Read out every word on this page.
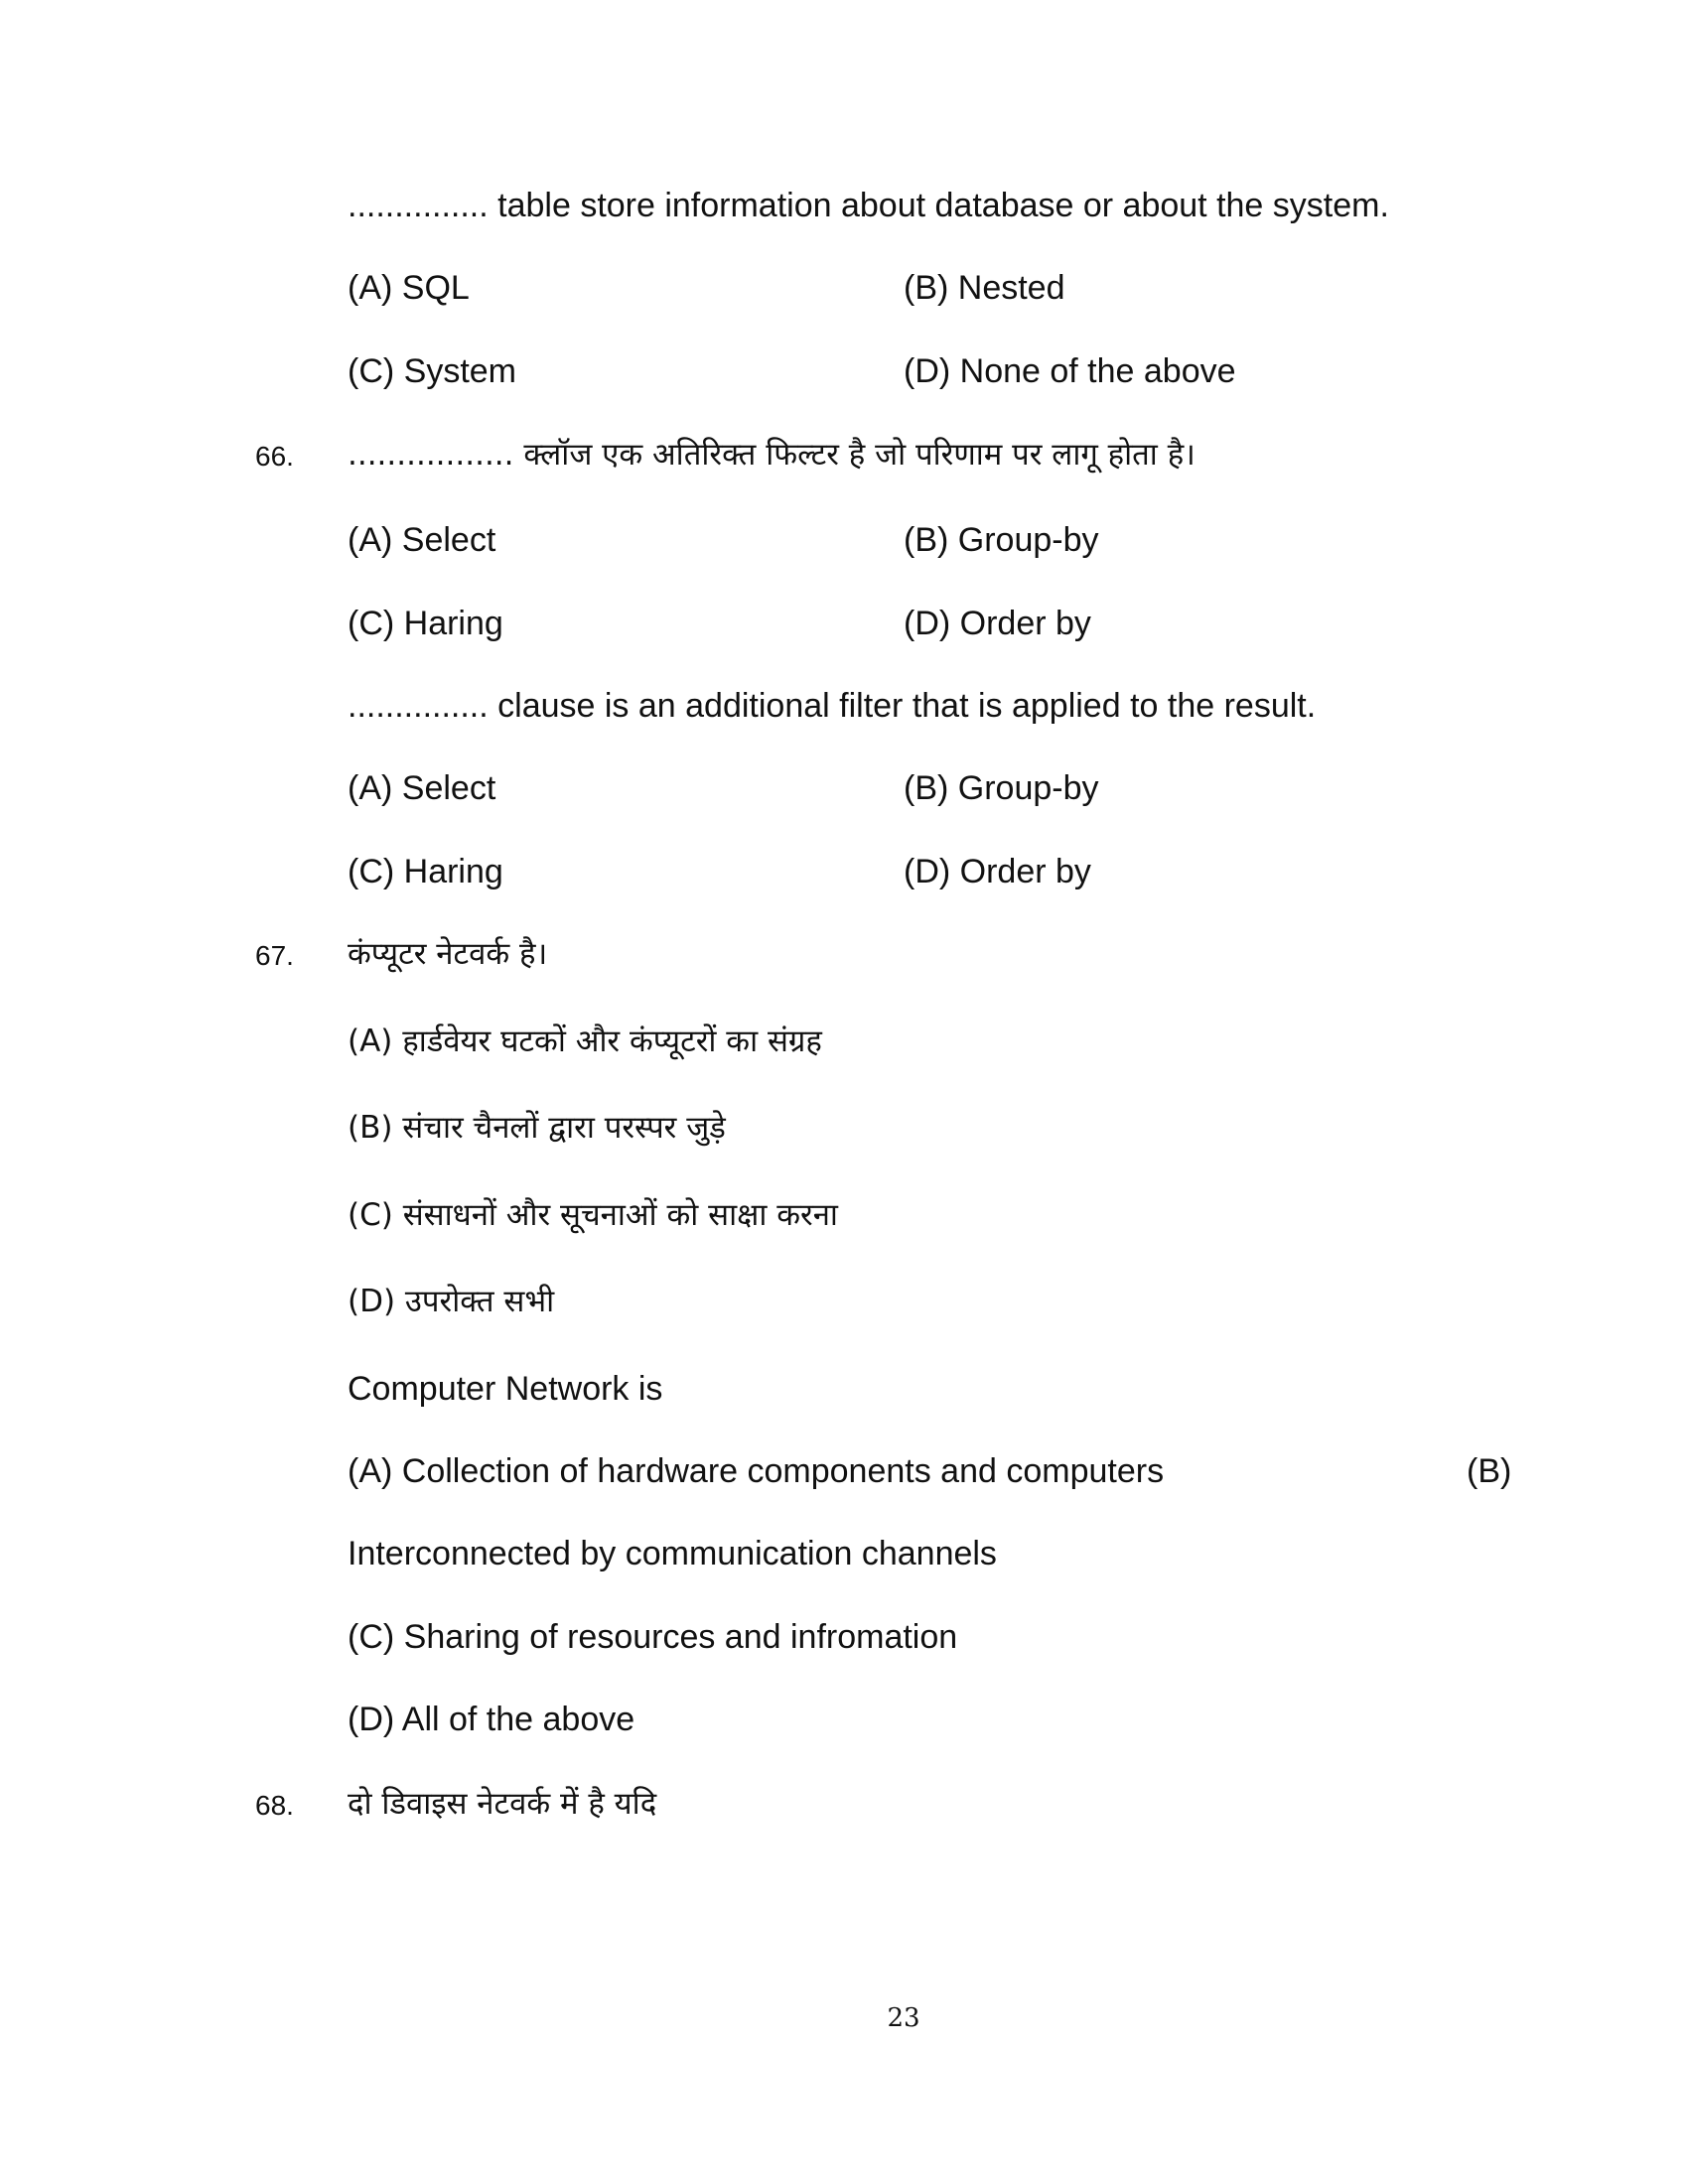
............... table store information about database or about the system.
(A) SQL	(B) Nested
(C) System	(D) None of the above
66. ................. क्लॉज एक अतिरिक्त फिल्टर है जो परिणाम पर लागू होता है।
(A) Select	(B) Group-by
(C) Haring	(D) Order by
............... clause is an additional filter that is applied to the result.
(A) Select	(B) Group-by
(C) Haring	(D) Order by
67. कंप्यूटर नेटवर्क है।
(A) हार्डवेयर घटकों और कंप्यूटरों का संग्रह
(B) संचार चैनलों द्वारा परस्पर जुड़े
(C) संसाधनों और सूचनाओं को साक्षा करना
(D) उपरोक्त सभी
Computer Network is
(A) Collection of hardware components and computers	(B)
Interconnected by communication channels
(C) Sharing of resources and infromation
(D) All of the above
68. दो डिवाइस नेटवर्क में है यदि
23
